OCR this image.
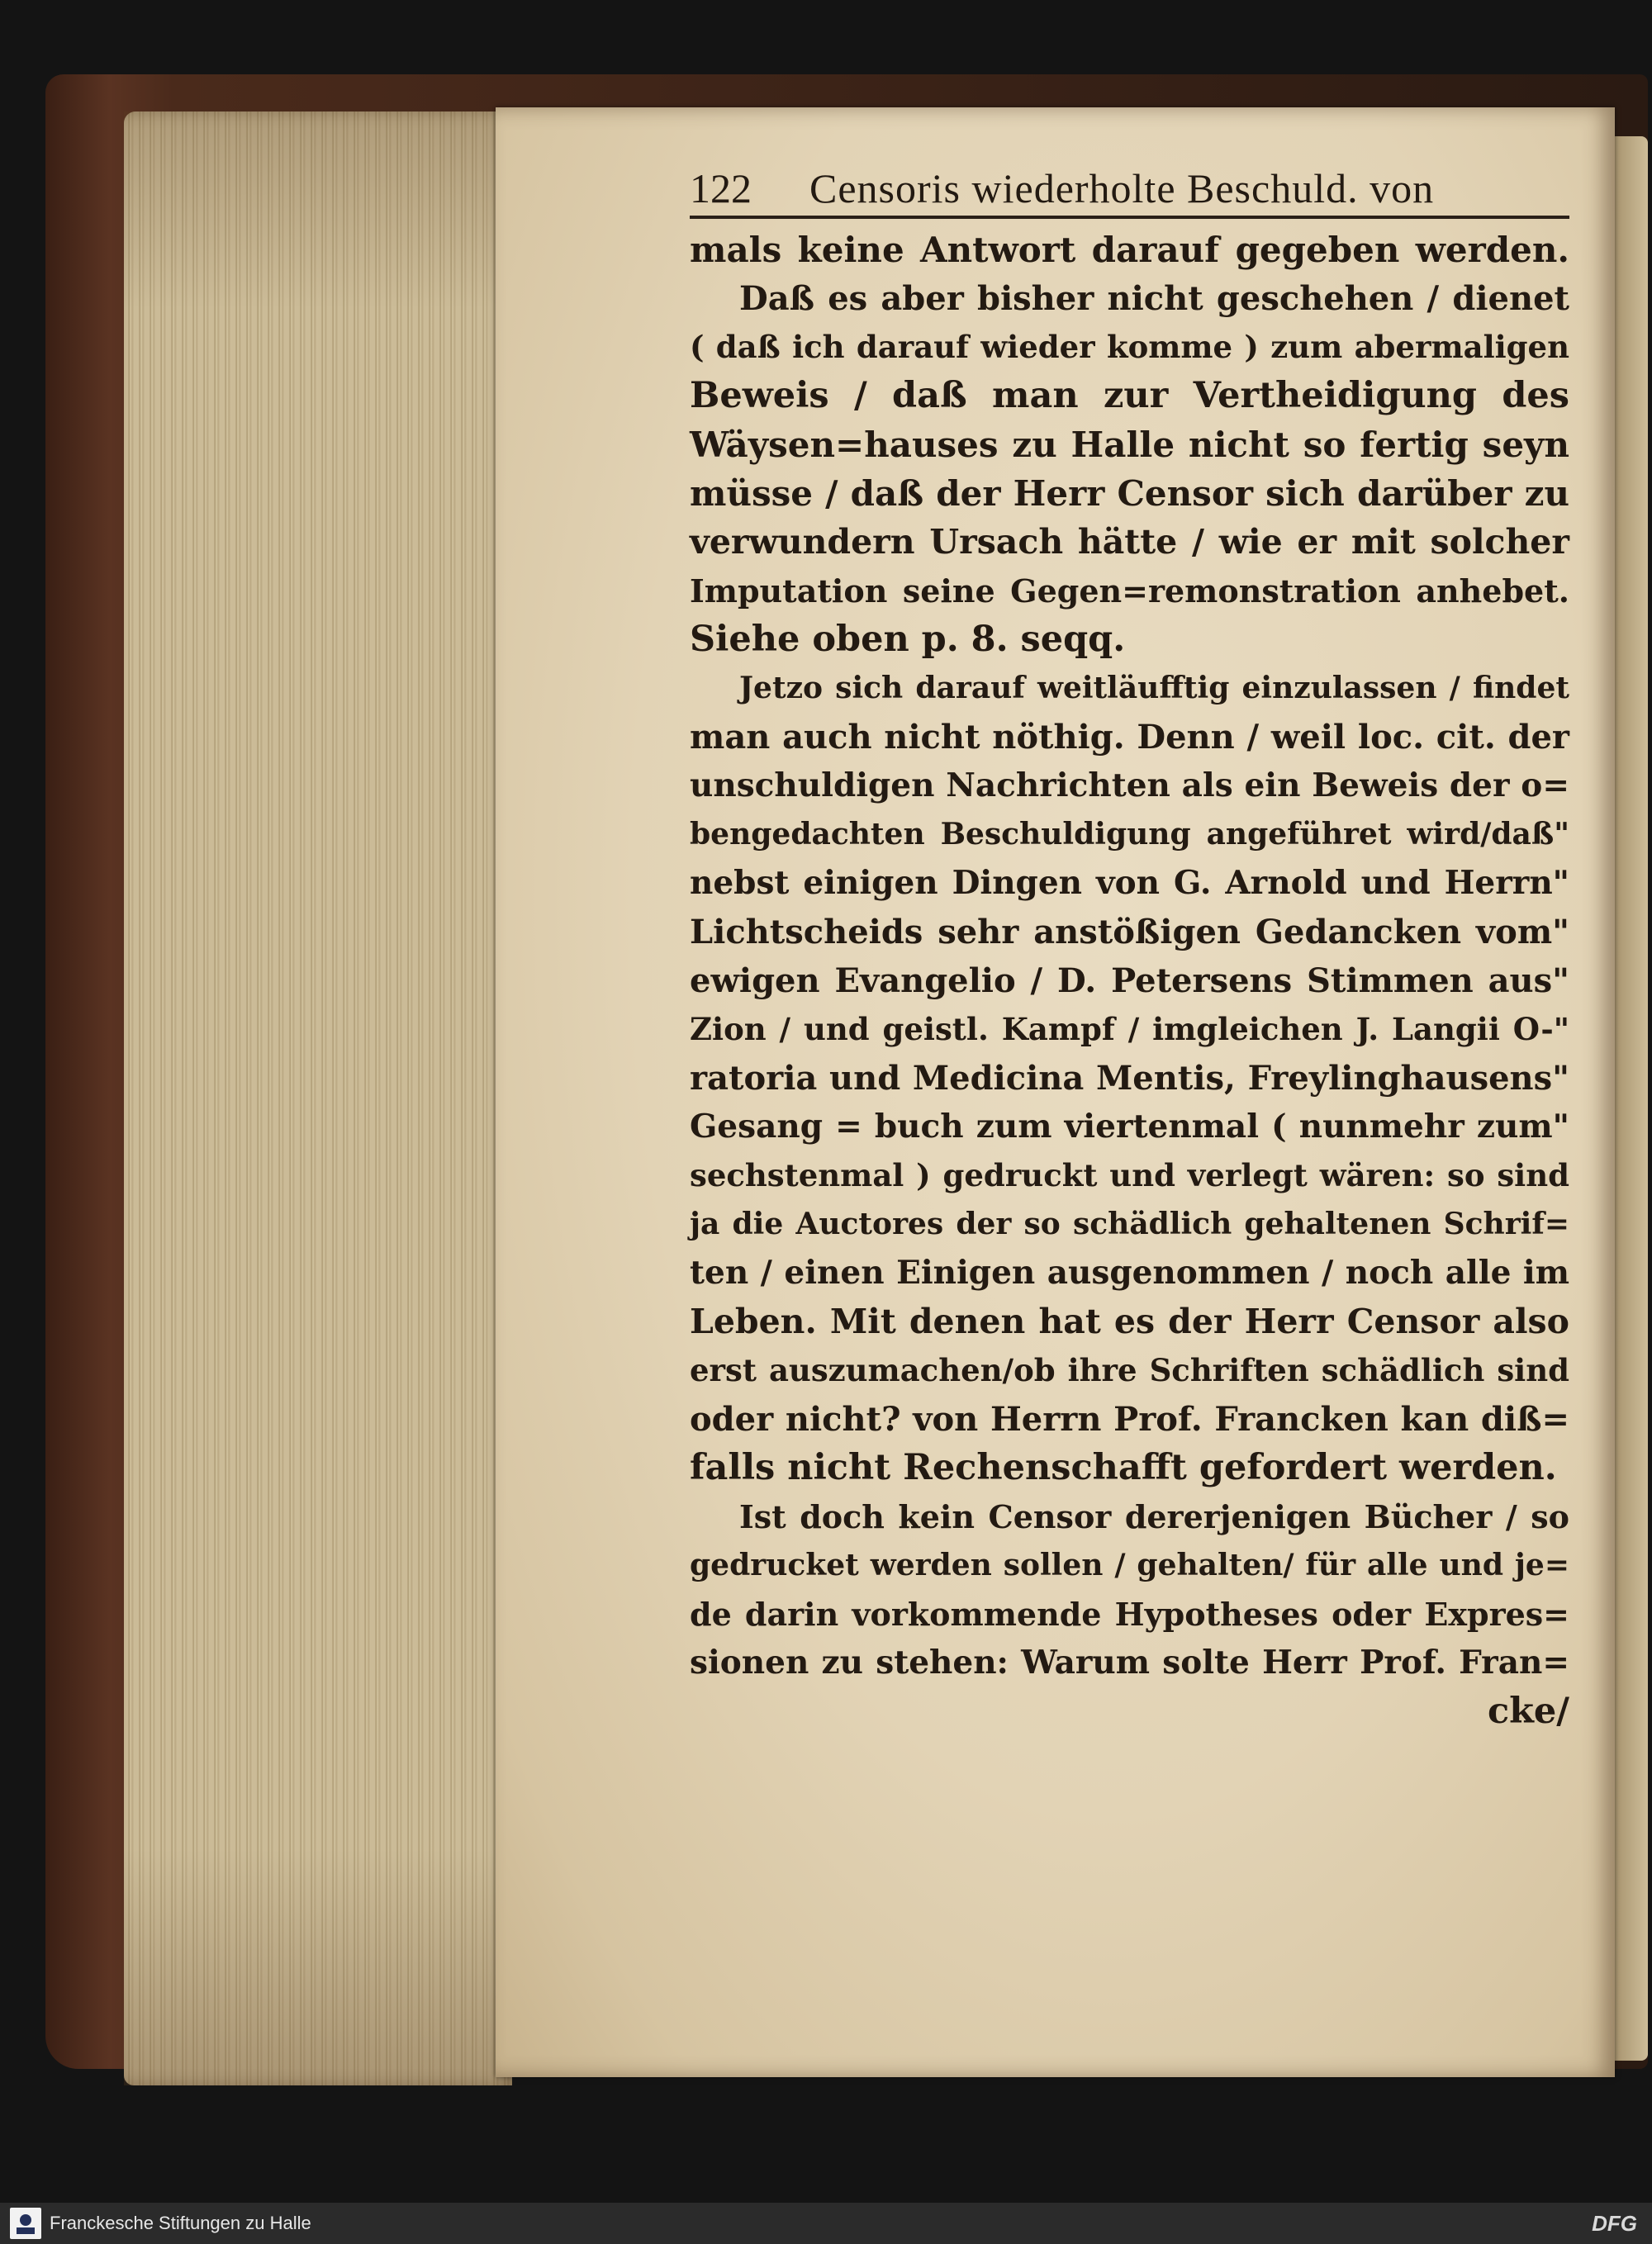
122 Censoris wiederholte Beschuld. von
mals keine Antwort darauf gegeben werden.
Daß es aber bisher nicht geschehen / dienet
( daß ich darauf wieder komme ) zum abermaligen
Beweis / daß man zur Vertheidigung des
Wäysen=hauses zu Halle nicht so fertig seyn
müsse / daß der Herr Censor sich darüber zu
verwundern Ursach hätte / wie er mit solcher
Imputation seine Gegen=remonstration anhebet.
Siehe oben p. 8. seqq.
Jetzo sich darauf weitläufftig einzulassen / findet
man auch nicht nöthig. Denn / weil loc. cit. der
unschuldigen Nachrichten als ein Beweis der o=
bengedachten Beschuldigung angeführet wird/daß"
nebst einigen Dingen von G. Arnold und Herrn"
Lichtscheids sehr anstößigen Gedancken vom"
ewigen Evangelio / D. Petersens Stimmen aus"
Zion / und geistl. Kampf / imgleichen J. Langii O-"
ratoria und Medicina Mentis, Freylinghausens"
Gesang = buch zum viertenmal ( nunmehr zum"
sechstenmal ) gedruckt und verlegt wären: so sind
ja die Auctores der so schädlich gehaltenen Schrif=
ten / einen Einigen ausgenommen / noch alle im
Leben. Mit denen hat es der Herr Censor also
erst auszumachen/ob ihre Schriften schädlich sind
oder nicht? von Herrn Prof. Francken kan diß=
falls nicht Rechenschafft gefordert werden.
Ist doch kein Censor dererjenigen Bücher / so
gedrucket werden sollen / gehalten/ für alle und je=
de darin vorkommende Hypotheses oder Expres=
sionen zu stehen: Warum solte Herr Prof. Fran=
cke/
Franckesche Stiftungen zu Halle	DFG
